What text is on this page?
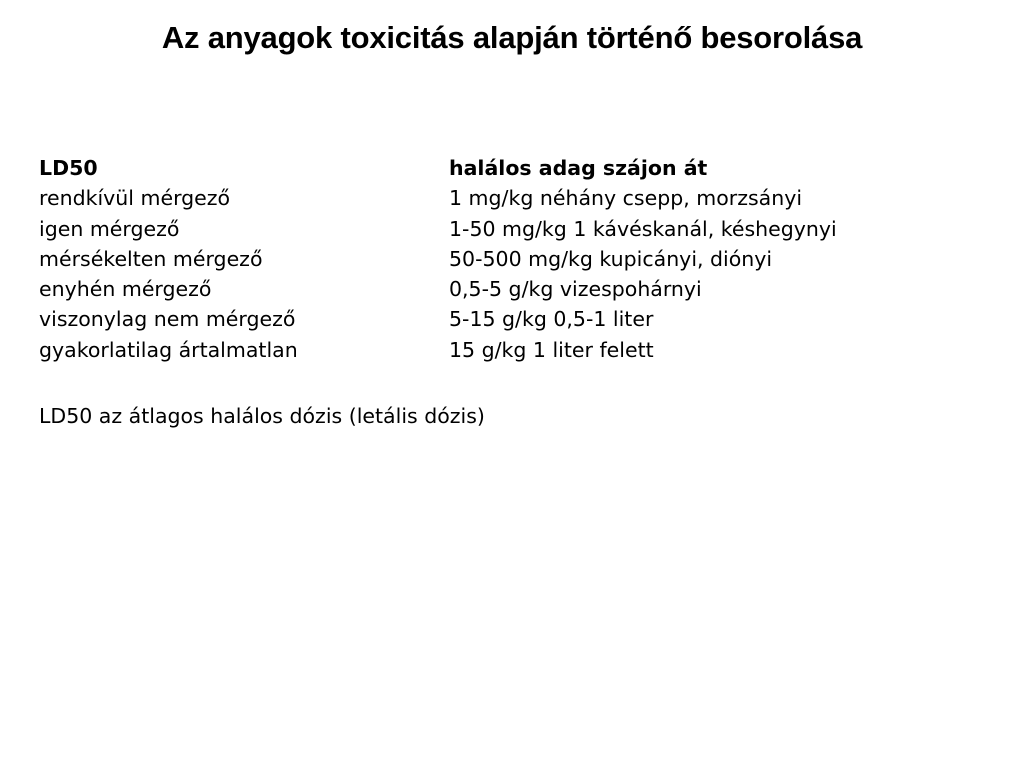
Az anyagok toxicitás alapján történő besorolása
LD50	halálos adag szájon át
rendkívül mérgező	1 mg/kg néhány csepp, morzsányi
igen mérgező	1-50 mg/kg 1 kávéskanál, késhegynyi
mérsékelten mérgező	50-500 mg/kg kupicányi, diónyi
enyhén mérgező	0,5-5 g/kg vizespohárnyi
viszonylag nem mérgező	5-15 g/kg 0,5-1 liter
gyakorlatilag ártalmatlan	15 g/kg 1 liter felett
LD50 az átlagos halálos dózis (letális dózis)
